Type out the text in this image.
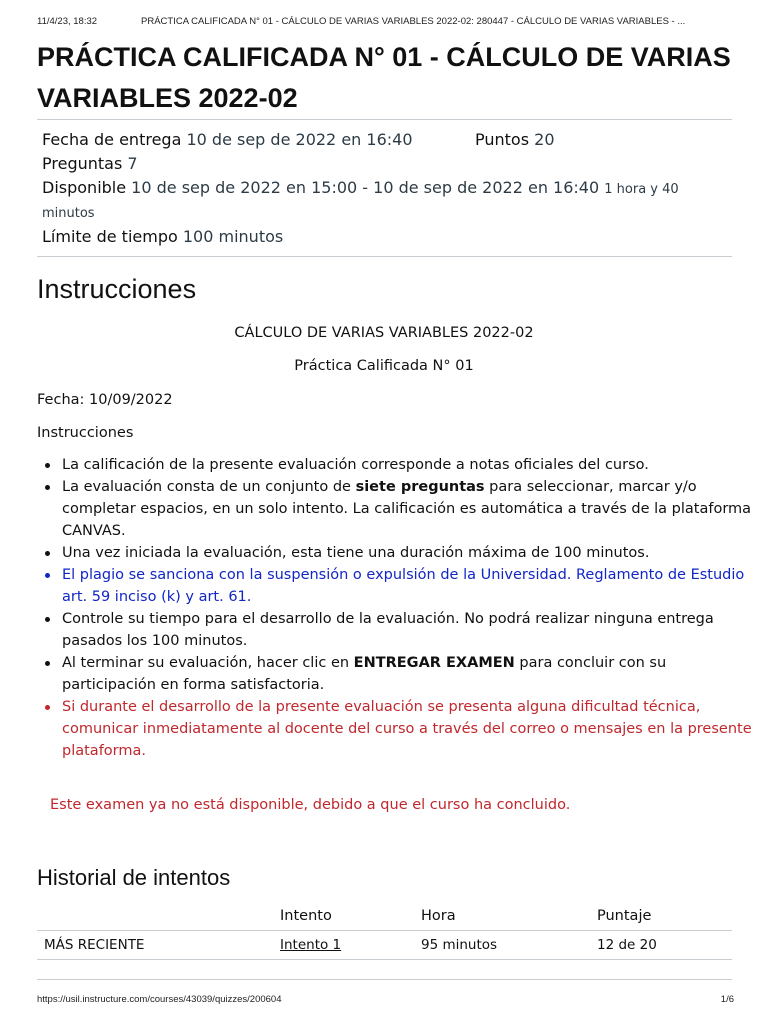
11/4/23, 18:32	PRÁCTICA CALIFICADA N° 01 - CÁLCULO DE VARIAS VARIABLES 2022-02: 280447 - CÁLCULO DE VARIAS VARIABLES - ...
PRÁCTICA CALIFICADA N° 01 - CÁLCULO DE VARIAS VARIABLES 2022-02
Fecha de entrega 10 de sep de 2022 en 16:40	Puntos 20
Preguntas 7
Disponible 10 de sep de 2022 en 15:00 - 10 de sep de 2022 en 16:40 1 hora y 40
minutos
Límite de tiempo 100 minutos
Instrucciones
CÁLCULO DE VARIAS VARIABLES 2022-02
Práctica Calificada N° 01
Fecha: 10/09/2022
Instrucciones
La calificación de la presente evaluación corresponde a notas oficiales del curso.
La evaluación consta de un conjunto de siete preguntas para seleccionar, marcar y/o completar espacios, en un solo intento. La calificación es automática a través de la plataforma CANVAS.
Una vez iniciada la evaluación, esta tiene una duración máxima de 100 minutos.
El plagio se sanciona con la suspensión o expulsión de la Universidad. Reglamento de Estudio art. 59 inciso (k) y art. 61.
Controle su tiempo para el desarrollo de la evaluación. No podrá realizar ninguna entrega pasados los 100 minutos.
Al terminar su evaluación, hacer clic en ENTREGAR EXAMEN para concluir con su participación en forma satisfactoria.
Si durante el desarrollo de la presente evaluación se presenta alguna dificultad técnica, comunicar inmediatamente al docente del curso a través del correo o mensajes en la presente plataforma.
Este examen ya no está disponible, debido a que el curso ha concluido.
Historial de intentos
	Intento	Hora	Puntaje
MÁS RECIENTE	Intento 1	95 minutos	12 de 20
https://usil.instructure.com/courses/43039/quizzes/200604	1/6
